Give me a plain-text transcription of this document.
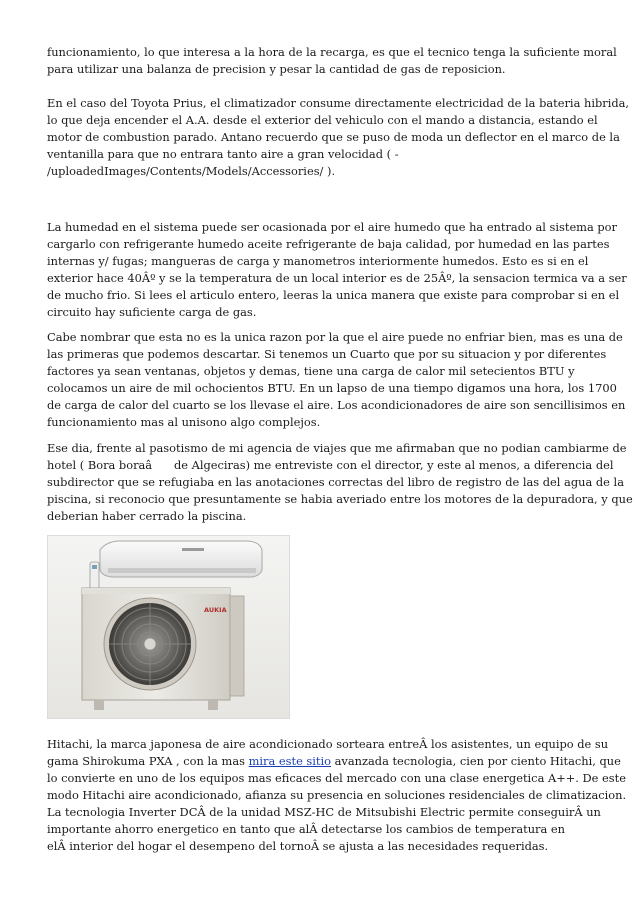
funcionamiento, lo que interesa a la hora de la recarga, es que el tecnico tenga la suficiente moral
para utilizar una balanza de precision y pesar la cantidad de gas de reposicion.

En el caso del Toyota Prius, el climatizador consume directamente electricidad de la bateria hibrida,
lo que deja encender el A.A. desde el exterior del vehiculo con el mando a distancia, estando el
motor de combustion parado. Antano recuerdo que se puso de moda un deflector en el marco de la
ventanilla para que no entrara tanto aire a gran velocidad ( -
/uploadedImages/Contents/Models/Accessories/ ).

La humedad en el sistema puede ser ocasionada por el aire humedo que ha entrado al sistema por
cargarlo con refrigerante humedo aceite refrigerante de baja calidad, por humedad en las partes
internas y/ fugas; mangueras de carga y manometros interiormente humedos. Esto es si en el
exterior hace 40Âº y se la temperatura de un local interior es de 25Âº, la sensacion termica va a ser
de mucho frio. Si lees el articulo entero, leeras la unica manera que existe para comprobar si en el
circuito hay suficiente carga de gas.

Cabe nombrar que esta no es la unica razon por la que el aire puede no enfriar bien, mas es una de
las primeras que podemos descartar. Si tenemos un Cuarto que por su situacion y por diferentes
factores ya sean ventanas, objetos y demas, tiene una carga de calor mil setecientos BTU y
colocamos un aire de mil ochocientos BTU. En un lapso de una tiempo digamos una hora, los 1700
de carga de calor del cuarto se los llevase el aire. Los acondicionadores de aire son sencillisimos en
funcionamiento mas al unisono algo complejos.

Ese dia, frente al pasotismo de mi agencia de viajes que me afirmaban que no podian cambiarme de
hotel ( Bora boraâ de Algeciras) me entreviste con el director, y este al menos, a diferencia del
subdirector que se refugiaba en las anotaciones correctas del libro de registro de las del agua de la
piscina, si reconocio que presuntamente se habia averiado entre los motores de la depuradora, y que
deberian haber cerrado la piscina.

AUKIA

Hitachi, la marca japonesa de aire acondicionado sorteara entreÂ los asistentes, un equipo de su
gama Shirokuma PXA , con la mas mira este sitio avanzada tecnologia, cien por ciento Hitachi, que
lo convierte en uno de los equipos mas eficaces del mercado con una clase energetica A++. De este
modo Hitachi aire acondicionado, afianza su presencia en soluciones residenciales de climatizacion.
La tecnologia Inverter DCÂ de la unidad MSZ-HC de Mitsubishi Electric permite conseguirÂ un
importante ahorro energetico en tanto que alÂ detectarse los cambios de temperatura en
elÂ interior del hogar el desempeno del tornoÂ se ajusta a las necesidades requeridas.
